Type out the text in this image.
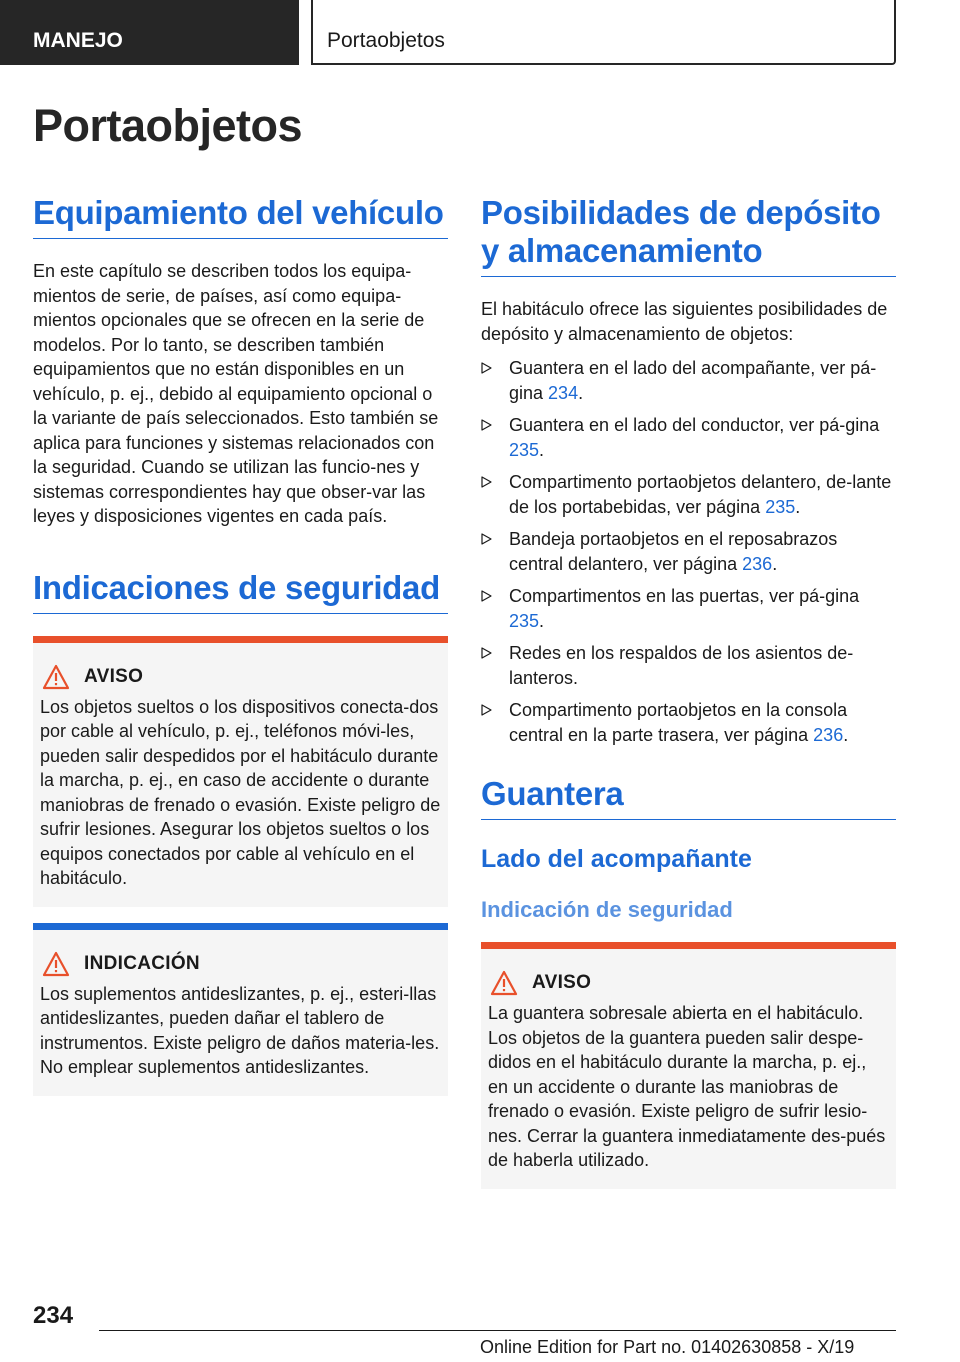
MANEJO	Portaobjetos
Portaobjetos
Equipamiento del vehículo

En este capítulo se describen todos los equipa-mientos de serie, de países, así como equipa-mientos opcionales que se ofrecen en la serie de modelos. Por lo tanto, se describen también equipamientos que no están disponibles en un vehículo, p. ej., debido al equipamiento opcional o la variante de país seleccionados. Esto también se aplica para funciones y sistemas relacionados con la seguridad. Cuando se utilizan las funcio-nes y sistemas correspondientes hay que obser-var las leyes y disposiciones vigentes en cada país.

Indicaciones de seguridad
AVISO

Los objetos sueltos o los dispositivos conecta-dos por cable al vehículo, p. ej., teléfonos móvi-les, pueden salir despedidos por el habitáculo durante la marcha, p. ej., en caso de accidente o durante maniobras de frenado o evasión. Existe peligro de sufrir lesiones. Asegurar los objetos sueltos o los equipos conectados por cable al vehículo en el habitáculo.

INDICACIÓN

Los suplementos antideslizantes, p. ej., esteri-llas antideslizantes, pueden dañar el tablero de instrumentos. Existe peligro de daños materia-les. No emplear suplementos antideslizantes.

Posibilidades de depósito y almacenamiento

El habitáculo ofrece las siguientes posibilidades de depósito y almacenamiento de objetos:

Guantera en el lado del acompañante, ver pá-gina 234.
Guantera en el lado del conductor, ver pá-gina 235.
Compartimento portaobjetos delantero, de-lante de los portabebidas, ver página 235.
Bandeja portaobjetos en el reposabrazos central delantero, ver página 236.
Compartimentos en las puertas, ver pá-gina 235.
Redes en los respaldos de los asientos de-lanteros.
Compartimento portaobjetos en la consola central en la parte trasera, ver página 236.
Guantera
Lado del acompañante
Indicación de seguridad
AVISO

La guantera sobresale abierta en el habitáculo. Los objetos de la guantera pueden salir despe-didos en el habitáculo durante la marcha, p. ej., en un accidente o durante las maniobras de frenado o evasión. Existe peligro de sufrir lesio-nes. Cerrar la guantera inmediatamente des-pués de haberla utilizado.

234
Online Edition for Part no. 01402630858 - X/19
